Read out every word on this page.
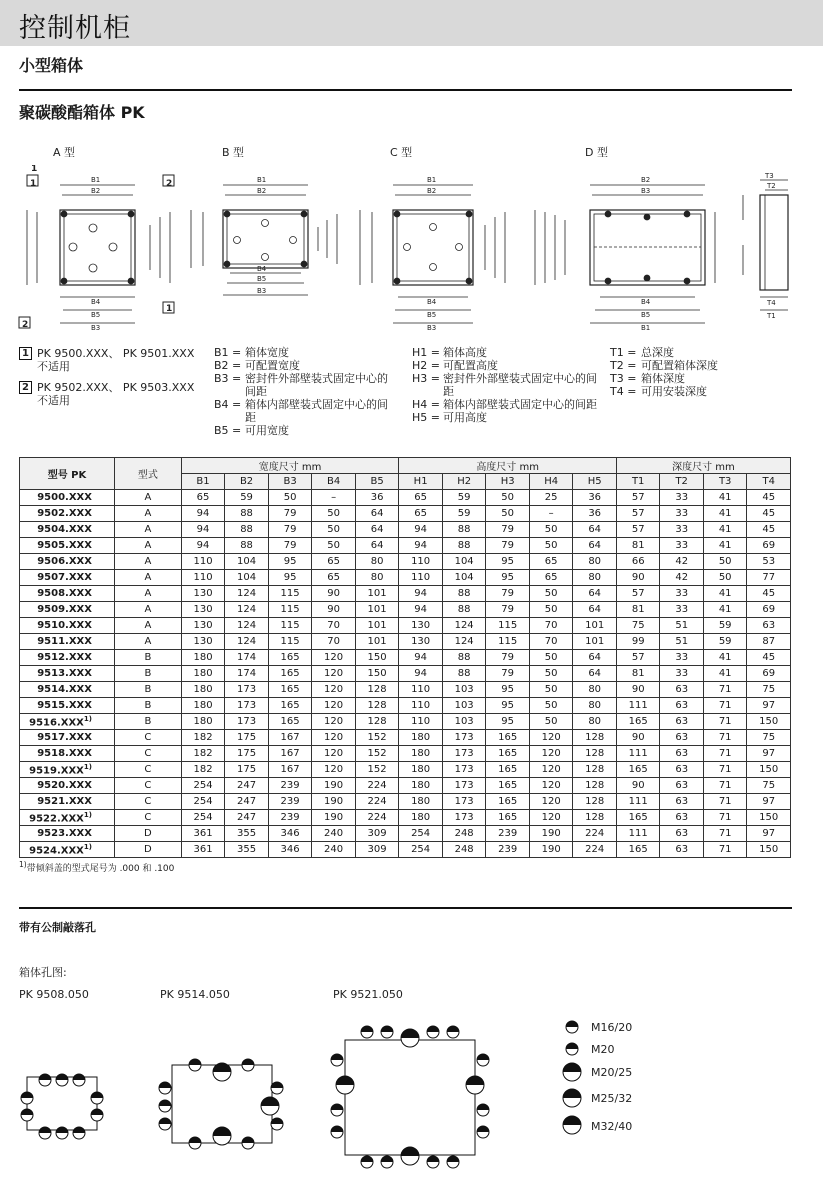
控制机柜
小型箱体
聚碳酸酯箱体 PK
A 型	B 型	C 型	D 型
B1
B2
B4
B5
B3
1
1	2
2
1
B1
B2
B4
B5
B3
B1
B2
B4
B5
B3
B2
B3
B4
B5
B1
T3
T2
T4
T1
1 PK 9500.XXX、 PK 9501.XXX 不适用
2 PK 9502.XXX、 PK 9503.XXX 不适用
B1 = 箱体宽度
B2 = 可配置宽度
B3 = 密封件外部壁装式固定中心的间距
B4 = 箱体内部壁装式固定中心的间距
B5 = 可用宽度
H1 = 箱体高度
H2 = 可配置高度
H3 = 密封件外部壁装式固定中心的间距
H4 = 箱体内部壁装式固定中心的间距
H5 = 可用高度
T1 = 总深度
T2 = 可配置箱体深度
T3 = 箱体深度
T4 = 可用安装深度
型号 PK	型式	宽度尺寸 mm					高度尺寸 mm					深度尺寸 mm			
		B1	B2	B3	B4	B5	H1	H2	H3	H4	H5	T1	T2	T3	T4
9500.XXX	A	65	59	50	–	36	65	59	50	25	36	57	33	41	45
9502.XXX	A	94	88	79	50	64	65	59	50	–	36	57	33	41	45
9504.XXX	A	94	88	79	50	64	94	88	79	50	64	57	33	41	45
9505.XXX	A	94	88	79	50	64	94	88	79	50	64	81	33	41	69
9506.XXX	A	110	104	95	65	80	110	104	95	65	80	66	42	50	53
9507.XXX	A	110	104	95	65	80	110	104	95	65	80	90	42	50	77
9508.XXX	A	130	124	115	90	101	94	88	79	50	64	57	33	41	45
9509.XXX	A	130	124	115	90	101	94	88	79	50	64	81	33	41	69
9510.XXX	A	130	124	115	70	101	130	124	115	70	101	75	51	59	63
9511.XXX	A	130	124	115	70	101	130	124	115	70	101	99	51	59	87
9512.XXX	B	180	174	165	120	150	94	88	79	50	64	57	33	41	45
9513.XXX	B	180	174	165	120	150	94	88	79	50	64	81	33	41	69
9514.XXX	B	180	173	165	120	128	110	103	95	50	80	90	63	71	75
9515.XXX	B	180	173	165	120	128	110	103	95	50	80	111	63	71	97
9516.XXX$^{1)}$	B	180	173	165	120	128	110	103	95	50	80	165	63	71	150
9517.XXX	C	182	175	167	120	152	180	173	165	120	128	90	63	71	75
9518.XXX	C	182	175	167	120	152	180	173	165	120	128	111	63	71	97
9519.XXX$^{1)}$	C	182	175	167	120	152	180	173	165	120	128	165	63	71	150
9520.XXX	C	254	247	239	190	224	180	173	165	120	128	90	63	71	75
9521.XXX	C	254	247	239	190	224	180	173	165	120	128	111	63	71	97
9522.XXX$^{1)}$	C	254	247	239	190	224	180	173	165	120	128	165	63	71	150
9523.XXX	D	361	355	346	240	309	254	248	239	190	224	111	63	71	97
9524.XXX$^{1)}$	D	361	355	346	240	309	254	248	239	190	224	165	63	71	150
$^{1)}$带倾斜盖的型式尾号为 .000 和 .100
带有公制敲落孔
箱体孔图:
PK 9508.050	PK 9514.050	PK 9521.050
M16/20
M20
M20/25
M25/32
M32/40
